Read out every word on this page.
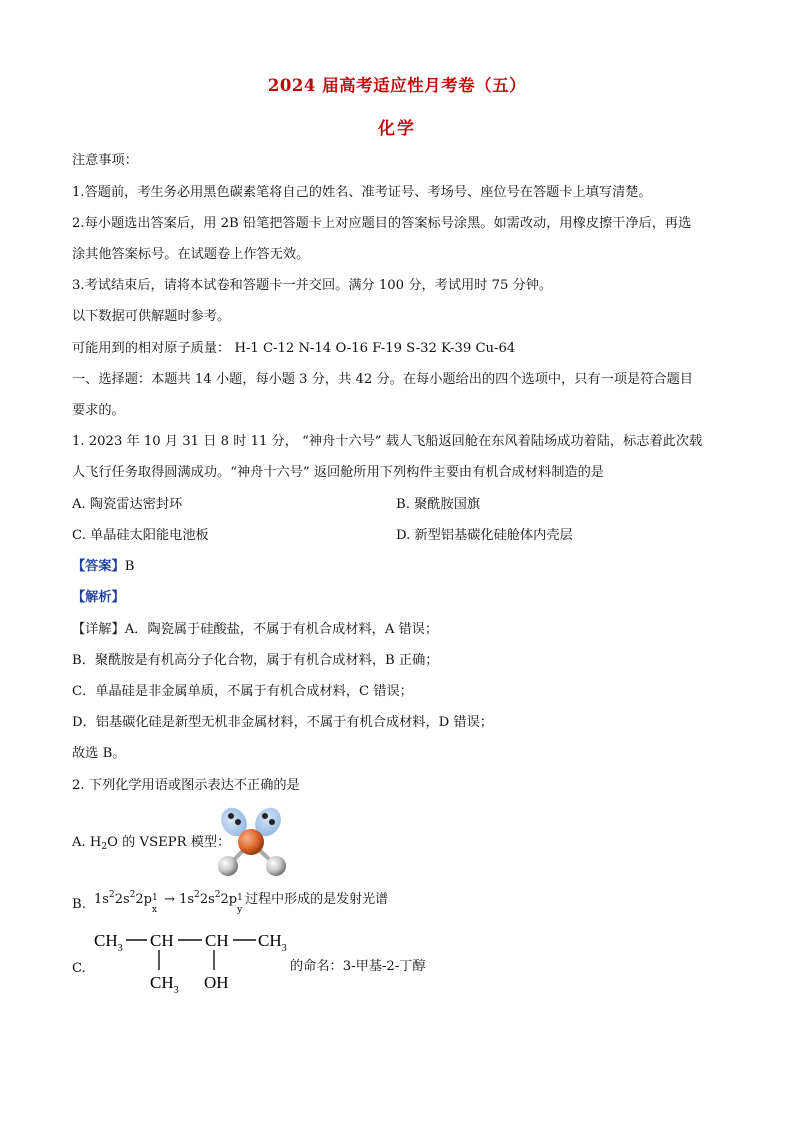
2024 届高考适应性月考卷（五）
化学
注意事项：
1.答题前，考生务必用黑色碳素笔将自己的姓名、准考证号、考场号、座位号在答题卡上填写清楚。
2.每小题选出答案后，用 2B 铅笔把答题卡上对应题目的答案标号涂黑。如需改动，用橡皮擦干净后，再选
涂其他答案标号。在试题卷上作答无效。
3.考试结束后，请将本试卷和答题卡一并交回。满分 100 分，考试用时 75 分钟。
以下数据可供解题时参考。
可能用到的相对原子质量： H-1 C-12 N-14 O-16 F-19 S-32 K-39 Cu-64
一、选择题：本题共 14 小题，每小题 3 分，共 42 分。在每小题给出的四个选项中，只有一项是符合题目
要求的。
1. 2023 年 10 月 31 日 8 时 11 分， “神舟十六号” 载人飞船返回舱在东风着陆场成功着陆，标志着此次载
人飞行任务取得圆满成功。“神舟十六号” 返回舱所用下列构件主要由有机合成材料制造的是
A. 陶瓷雷达密封环	B. 聚酰胺国旗
C. 单晶硅太阳能电池板	D. 新型铝基碳化硅舱体内壳层
【答案】B
【解析】
【详解】A．陶瓷属于硅酸盐，不属于有机合成材料，A 错误；
B．聚酰胺是有机高分子化合物，属于有机合成材料，B 正确；
C．单晶硅是非金属单质，不属于有机合成材料，C 错误；
D．铝基碳化硅是新型无机非金属材料，不属于有机合成材料，D 错误；
故选 B。
2. 下列化学用语或图示表达不正确的是
A. $H_2O$ 的 VSEPR 模型：
B. $1s^22s^22p$ 1
x
→ $1s^22s^22p$ 1
y
过程中形成的是发射光谱
C.
$CH_3$ CH CH $CH_3$
$CH_3$ OH
的命名：3-甲基-2-丁醇
